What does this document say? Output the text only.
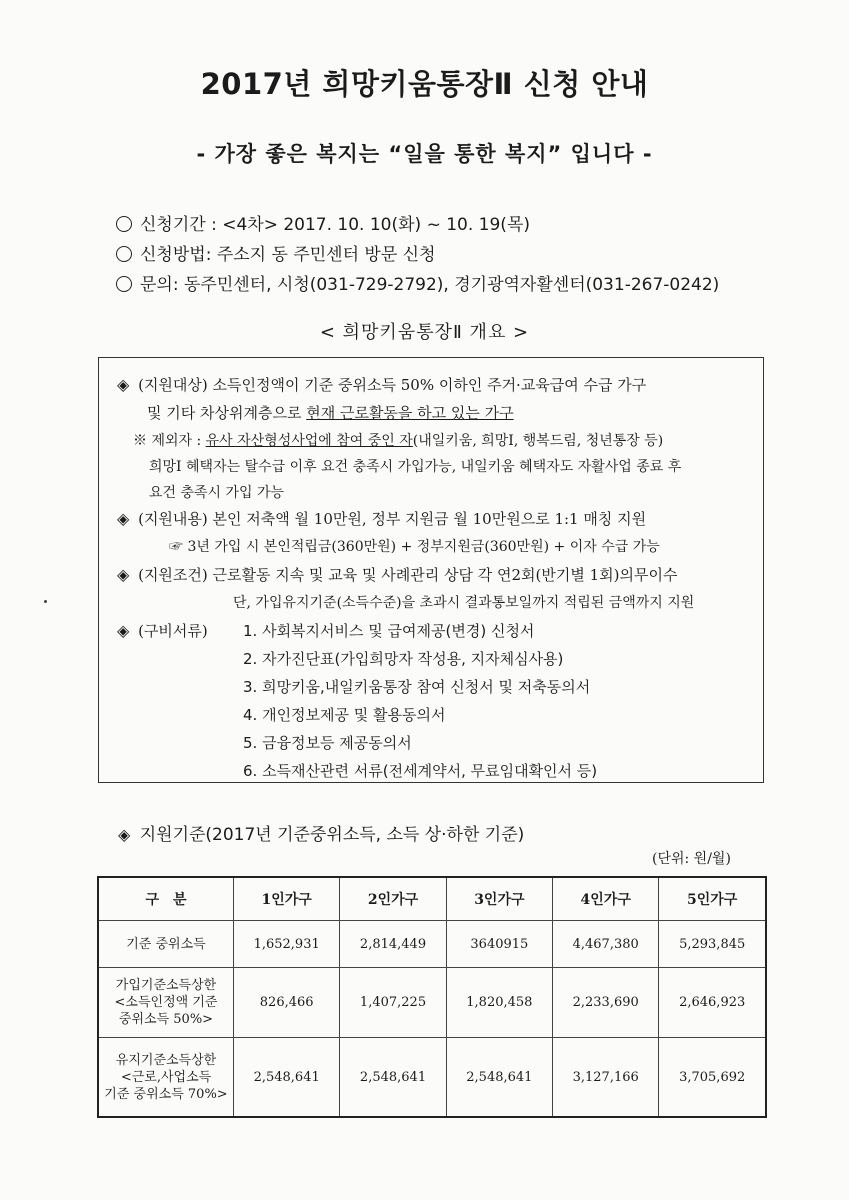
2017년 희망키움통장Ⅱ 신청 안내
- 가장 좋은 복지는 “일을 통한 복지” 입니다 -
신청기간 : <4차> 2017. 10. 10(화) ~ 10. 19(목)
신청방법: 주소지 동 주민센터 방문 신청
문의: 동주민센터, 시청(031-729-2792), 경기광역자활센터(031-267-0242)
< 희망키움통장Ⅱ 개요 >
◈ (지원대상) 소득인정액이 기준 중위소득 50% 이하인 주거·교육급여 수급 가구
및 기타 차상위계층으로 현재 근로활동을 하고 있는 가구
※ 제외자 : 유사 자산형성사업에 참여 중인 자(내일키움, 희망I, 행복드림, 청년통장 등)
희망I 혜택자는 탈수급 이후 요건 충족시 가입가능, 내일키움 혜택자도 자활사업 종료 후
요건 충족시 가입 가능
◈ (지원내용) 본인 저축액 월 10만원, 정부 지원금 월 10만원으로 1:1 매칭 지원
☞ 3년 가입 시 본인적립금(360만원) + 정부지원금(360만원) + 이자 수급 가능
◈ (지원조건) 근로활동 지속 및 교육 및 사례관리 상담 각 연2회(반기별 1회)의무이수
단, 가입유지기준(소득수준)을 초과시 결과통보일까지 적립된 금액까지 지원
◈ (구비서류) 1. 사회복지서비스 및 급여제공(변경) 신청서
2. 자가진단표(가입희망자 작성용, 지자체심사용)
3. 희망키움,내일키움통장 참여 신청서 및 저축동의서
4. 개인정보제공 및 활용동의서
5. 금융정보등 제공동의서
6. 소득재산관련 서류(전세계약서, 무료임대확인서 등)
◈ 지원기준(2017년 기준중위소득, 소득 상·하한 기준)
(단위: 원/월)
구　분	1인가구	2인가구	3인가구	4인가구	5인가구

기준 중위소득	1,652,931	2,814,449	3640915	4,467,380	5,293,845

가입기준소득상한
<소득인정액 기준
중위소득 50%>	826,466	1,407,225	1,820,458	2,233,690	2,646,923

유지기준소득상한
<근로,사업소득
기준 중위소득 70%>	2,548,641	2,548,641	2,548,641	3,127,166	3,705,692
